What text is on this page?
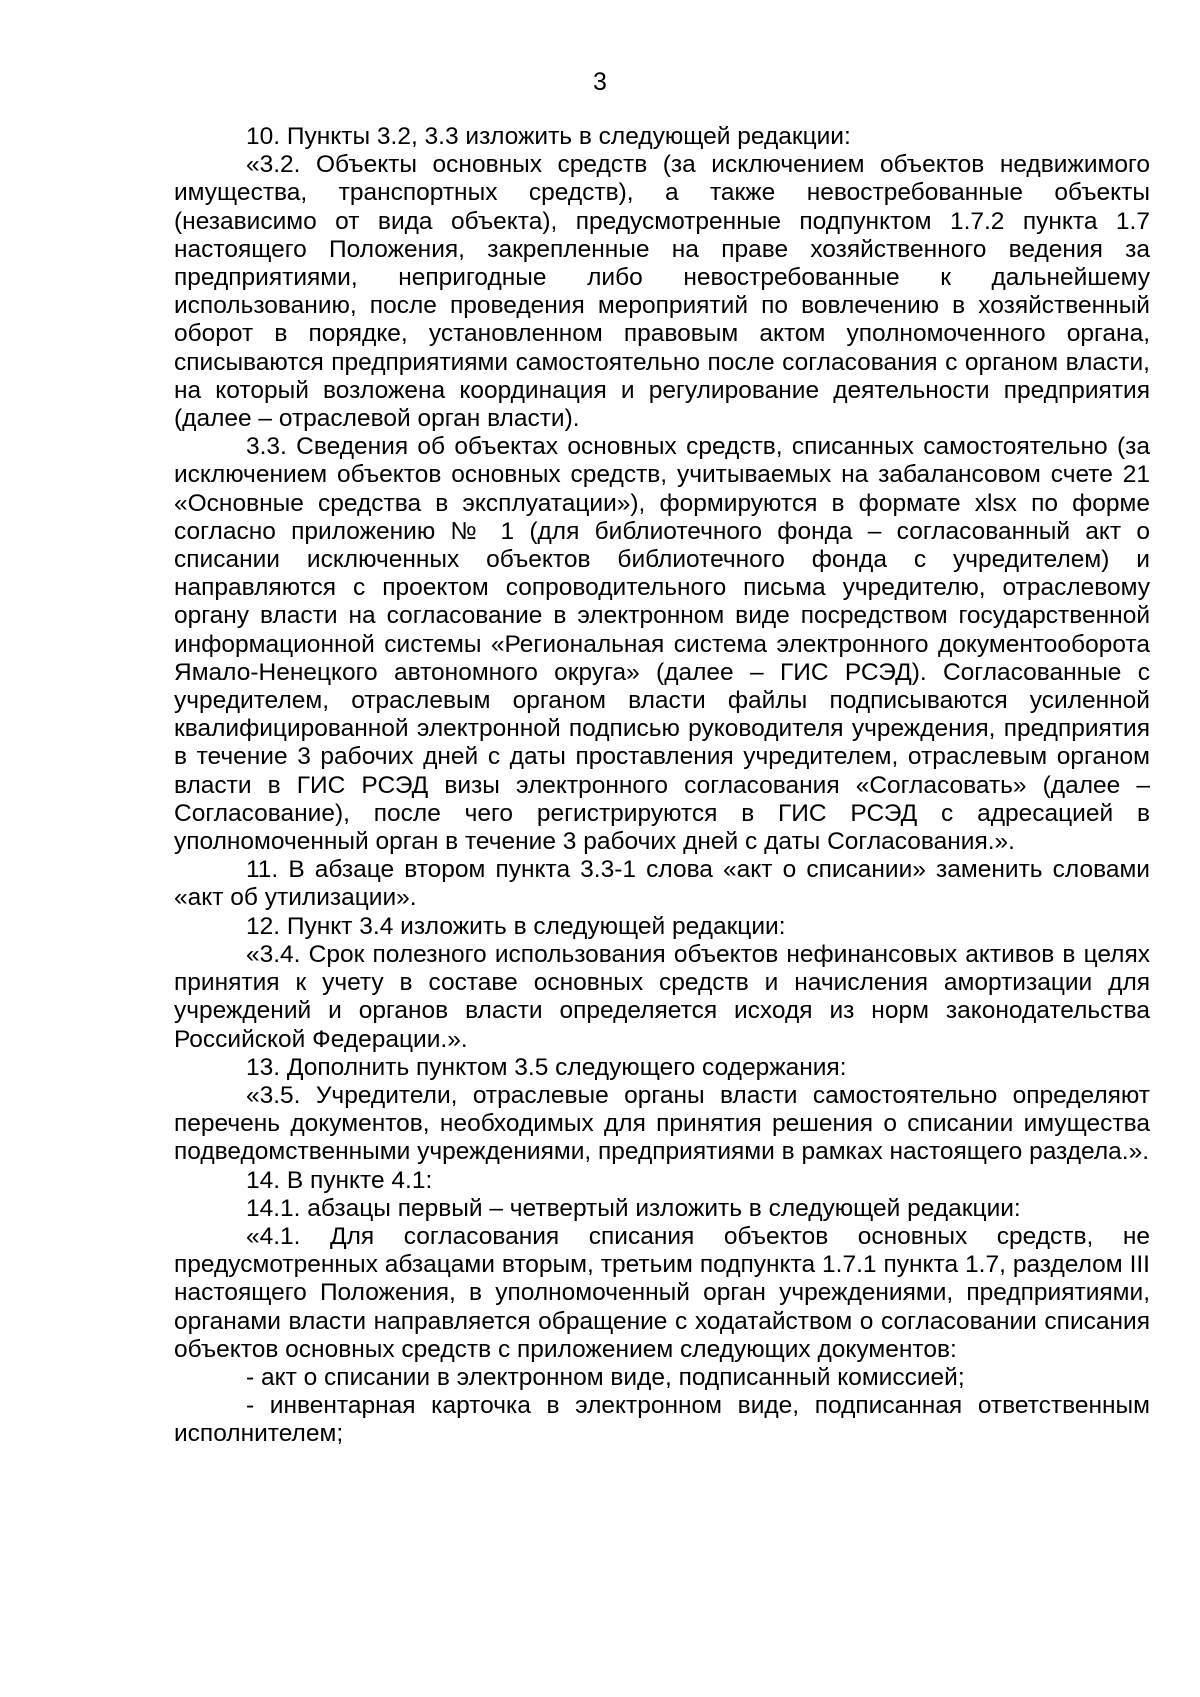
3

10. Пункты 3.2, 3.3 изложить в следующей редакции:

«3.2. Объекты основных средств (за исключением объектов недвижимого имущества, транспортных средств), а также невостребованные объекты (независимо от вида объекта), предусмотренные подпунктом 1.7.2 пункта 1.7 настоящего Положения, закрепленные на праве хозяйственного ведения за предприятиями, непригодные либо невостребованные к дальнейшему использованию, после проведения мероприятий по вовлечению в хозяйственный оборот в порядке, установленном правовым актом уполномоченного органа, списываются предприятиями самостоятельно после согласования с органом власти, на который возложена координация и регулирование деятельности предприятия (далее – отраслевой орган власти).

3.3. Сведения об объектах основных средств, списанных самостоятельно (за исключением объектов основных средств, учитываемых на забалансовом счете 21 «Основные средства в эксплуатации»), формируются в формате xlsx по форме согласно приложению № 1 (для библиотечного фонда – согласованный акт о списании исключенных объектов библиотечного фонда с учредителем) и направляются с проектом сопроводительного письма учредителю, отраслевому органу власти на согласование в электронном виде посредством государственной информационной системы «Региональная система электронного документооборота Ямало-Ненецкого автономного округа» (далее – ГИС РСЭД). Согласованные с учредителем, отраслевым органом власти файлы подписываются усиленной квалифицированной электронной подписью руководителя учреждения, предприятия в течение 3 рабочих дней с даты проставления учредителем, отраслевым органом власти в ГИС РСЭД визы электронного согласования «Согласовать» (далее – Согласование), после чего регистрируются в ГИС РСЭД с адресацией в уполномоченный орган в течение 3 рабочих дней с даты Согласования.».

11. В абзаце втором пункта 3.3-1 слова «акт о списании» заменить словами «акт об утилизации».

12. Пункт 3.4 изложить в следующей редакции:

«3.4. Срок полезного использования объектов нефинансовых активов в целях принятия к учету в составе основных средств и начисления амортизации для учреждений и органов власти определяется исходя из норм законодательства Российской Федерации.».

13. Дополнить пунктом 3.5 следующего содержания:

«3.5. Учредители, отраслевые органы власти самостоятельно определяют перечень документов, необходимых для принятия решения о списании имущества подведомственными учреждениями, предприятиями в рамках настоящего раздела.».

14. В пункте 4.1:

14.1. абзацы первый – четвертый изложить в следующей редакции:

«4.1. Для согласования списания объектов основных средств, не предусмотренных абзацами вторым, третьим подпункта 1.7.1 пункта 1.7, разделом III настоящего Положения, в уполномоченный орган учреждениями, предприятиями, органами власти направляется обращение с ходатайством о согласовании списания объектов основных средств с приложением следующих документов:

- акт о списании в электронном виде, подписанный комиссией;

- инвентарная карточка в электронном виде, подписанная ответственным исполнителем;
